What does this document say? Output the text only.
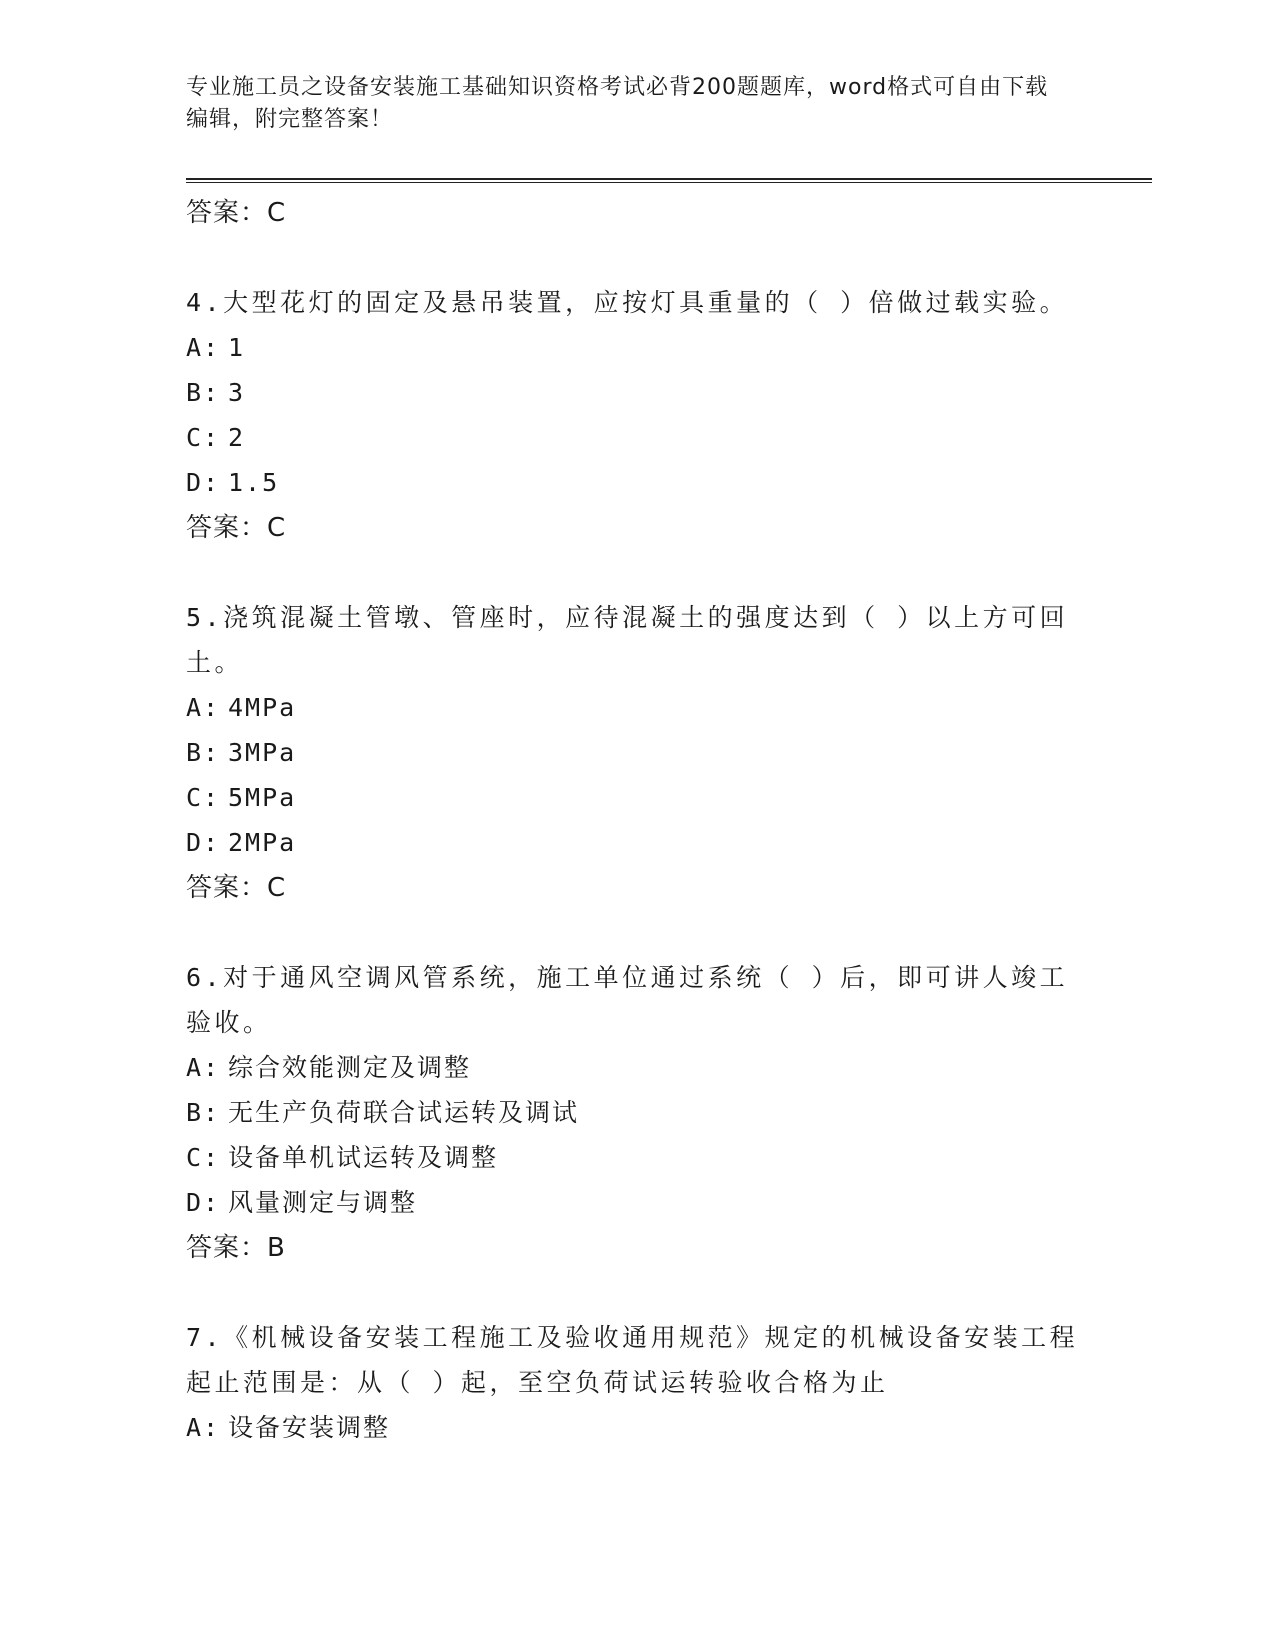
专业施工员之设备安装施工基础知识资格考试必背200题题库，word格式可自由下载编辑，附完整答案！
答案：C
4.大型花灯的固定及悬吊装置，应按灯具重量的（ ）倍做过载实验。
A: 1
B: 3
C: 2
D: 1.5
答案：C
5.浇筑混凝土管墩、管座时，应待混凝土的强度达到（ ）以上方可回土。
A: 4MPa
B: 3MPa
C: 5MPa
D: 2MPa
答案：C
6.对于通风空调风管系统，施工单位通过系统（ ）后，即可讲人竣工验收。
A: 综合效能测定及调整
B: 无生产负荷联合试运转及调试
C: 设备单机试运转及调整
D: 风量测定与调整
答案：B
7.《机械设备安装工程施工及验收通用规范》规定的机械设备安装工程起止范围是：从（ ）起，至空负荷试运转验收合格为止
A: 设备安装调整
